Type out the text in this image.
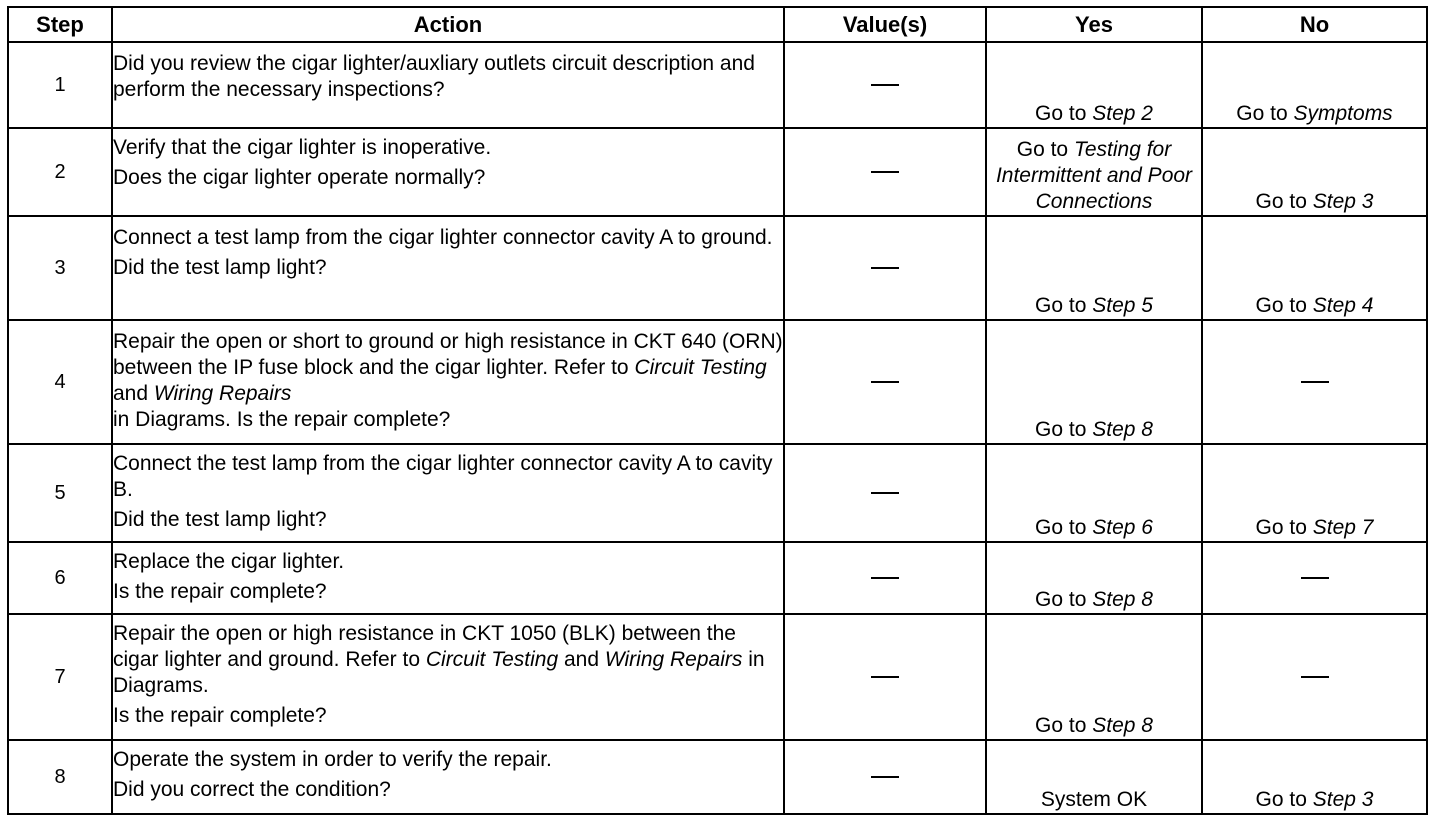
Step	Action	Value(s)	Yes	No
1	Did you review the cigar lighter/auxliary outlets circuit description and perform the necessary inspections?		Go to Step 2	Go to Symptoms
2	Verify that the cigar lighter is inoperative.
Does the cigar lighter operate normally?		Go to Testing for Intermittent and Poor Connections	Go to Step 3
3	Connect a test lamp from the cigar lighter connector cavity A to ground.
Did the test lamp light?		Go to Step 5	Go to Step 4
4	Repair the open or short to ground or high resistance in CKT 640 (ORN) between the IP fuse block and the cigar lighter. Refer to Circuit Testing and Wiring Repairs
in Diagrams. Is the repair complete?		Go to Step 8	
5	Connect the test lamp from the cigar lighter connector cavity A to cavity B.
Did the test lamp light?		Go to Step 6	Go to Step 7
6	Replace the cigar lighter.
Is the repair complete?		Go to Step 8	
7	Repair the open or high resistance in CKT 1050 (BLK) between the cigar lighter and ground. Refer to Circuit Testing and Wiring Repairs in Diagrams.
Is the repair complete?		Go to Step 8	
8	Operate the system in order to verify the repair.
Did you correct the condition?		System OK	Go to Step 3
